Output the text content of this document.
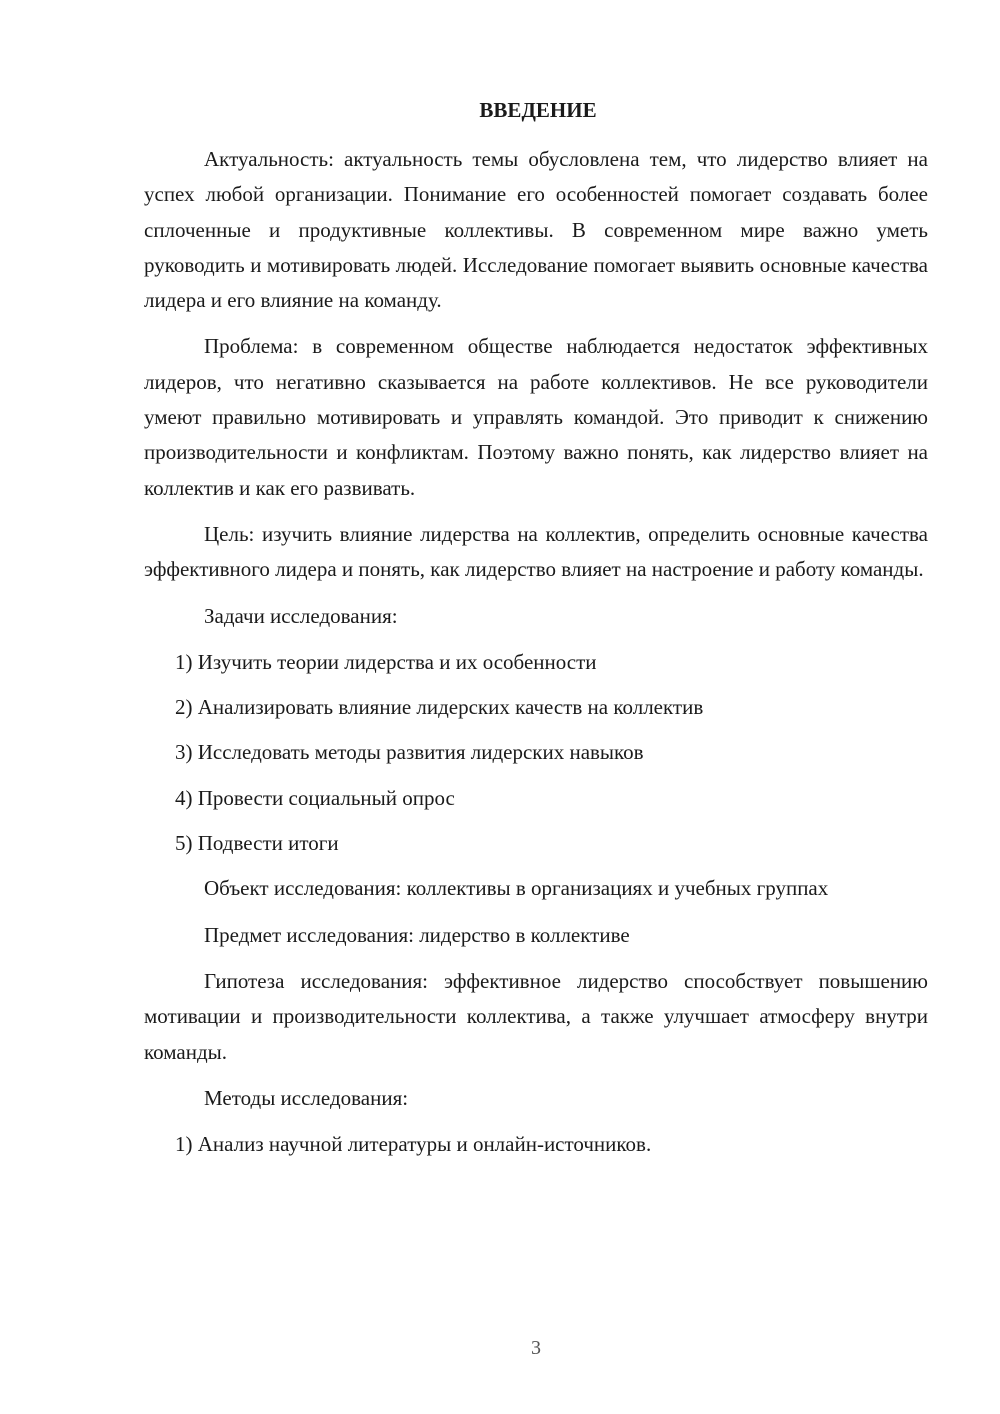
ВВЕДЕНИЕ
Актуальность: актуальность темы обусловлена тем, что лидерство влияет на успех любой организации. Понимание его особенностей помогает создавать более сплоченные и продуктивные коллективы. В современном мире важно уметь руководить и мотивировать людей. Исследование помогает выявить основные качества лидера и его влияние на команду.
Проблема: в современном обществе наблюдается недостаток эффективных лидеров, что негативно сказывается на работе коллективов. Не все руководители умеют правильно мотивировать и управлять командой. Это приводит к снижению производительности и конфликтам. Поэтому важно понять, как лидерство влияет на коллектив и как его развивать.
Цель: изучить влияние лидерства на коллектив, определить основные качества эффективного лидера и понять, как лидерство влияет на настроение и работу команды.
Задачи исследования:
1) Изучить теории лидерства и их особенности
2) Анализировать влияние лидерских качеств на коллектив
3) Исследовать методы развития лидерских навыков
4) Провести социальный опрос
5) Подвести итоги
Объект исследования: коллективы в организациях и учебных группах
Предмет исследования: лидерство в коллективе
Гипотеза исследования: эффективное лидерство способствует повышению мотивации и производительности коллектива, а также улучшает атмосферу внутри команды.
Методы исследования:
1) Анализ научной литературы и онлайн-источников.
3
